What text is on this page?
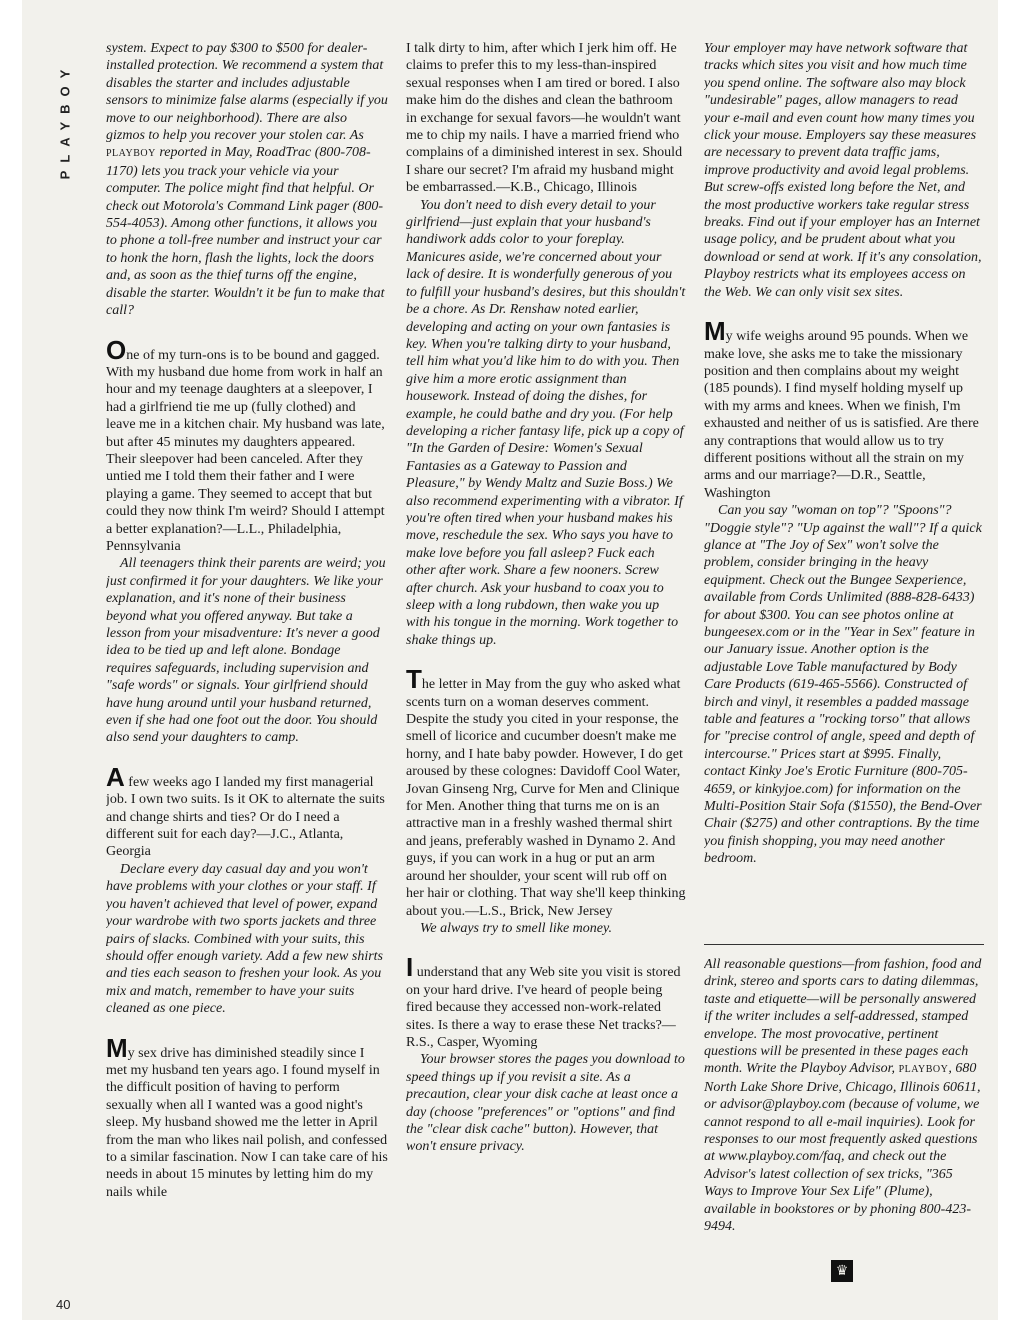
PLAYBOY

system. Expect to pay $300 to $500 for dealer-installed protection. We recommend a system that disables the starter and includes adjustable sensors to minimize false alarms (especially if you move to our neighborhood). There are also gizmos to help you recover your stolen car. As PLAYBOY reported in May, RoadTrac (800-708-1170) lets you track your vehicle via your computer. The police might find that helpful. Or check out Motorola's Command Link pager (800-554-4053). Among other functions, it allows you to phone a toll-free number and instruct your car to honk the horn, flash the lights, lock the doors and, as soon as the thief turns off the engine, disable the starter. Wouldn't it be fun to make that call?

One of my turn-ons is to be bound and gagged. With my husband due home from work in half an hour and my teenage daughters at a sleepover, I had a girlfriend tie me up (fully clothed) and leave me in a kitchen chair. My husband was late, but after 45 minutes my daughters appeared. Their sleepover had been canceled. After they untied me I told them their father and I were playing a game. They seemed to accept that but could they now think I'm weird? Should I attempt a better explanation?—L.L., Philadelphia, Pennsylvania

All teenagers think their parents are weird; you just confirmed it for your daughters. We like your explanation, and it's none of their business beyond what you offered anyway. But take a lesson from your misadventure: It's never a good idea to be tied up and left alone. Bondage requires safeguards, including supervision and "safe words" or signals. Your girlfriend should have hung around until your husband returned, even if she had one foot out the door. You should also send your daughters to camp.

A few weeks ago I landed my first managerial job. I own two suits. Is it OK to alternate the suits and change shirts and ties? Or do I need a different suit for each day?—J.C., Atlanta, Georgia

Declare every day casual day and you won't have problems with your clothes or your staff. If you haven't achieved that level of power, expand your wardrobe with two sports jackets and three pairs of slacks. Combined with your suits, this should offer enough variety. Add a few new shirts and ties each season to freshen your look. As you mix and match, remember to have your suits cleaned as one piece.

My sex drive has diminished steadily since I met my husband ten years ago. I found myself in the difficult position of having to perform sexually when all I wanted was a good night's sleep. My husband showed me the letter in April from the man who likes nail polish, and confessed to a similar fascination. Now I can take care of his needs in about 15 minutes by letting him do my nails while

I talk dirty to him, after which I jerk him off. He claims to prefer this to my less-than-inspired sexual responses when I am tired or bored. I also make him do the dishes and clean the bathroom in exchange for sexual favors—he wouldn't want me to chip my nails. I have a married friend who complains of a diminished interest in sex. Should I share our secret? I'm afraid my husband might be embarrassed.—K.B., Chicago, Illinois

You don't need to dish every detail to your girlfriend—just explain that your husband's handiwork adds color to your foreplay. Manicures aside, we're concerned about your lack of desire. It is wonderfully generous of you to fulfill your husband's desires, but this shouldn't be a chore. As Dr. Renshaw noted earlier, developing and acting on your own fantasies is key. When you're talking dirty to your husband, tell him what you'd like him to do with you. Then give him a more erotic assignment than housework. Instead of doing the dishes, for example, he could bathe and dry you. (For help developing a richer fantasy life, pick up a copy of "In the Garden of Desire: Women's Sexual Fantasies as a Gateway to Passion and Pleasure," by Wendy Maltz and Suzie Boss.) We also recommend experimenting with a vibrator. If you're often tired when your husband makes his move, reschedule the sex. Who says you have to make love before you fall asleep? Fuck each other after work. Share a few nooners. Screw after church. Ask your husband to coax you to sleep with a long rubdown, then wake you up with his tongue in the morning. Work together to shake things up.

The letter in May from the guy who asked what scents turn on a woman deserves comment. Despite the study you cited in your response, the smell of licorice and cucumber doesn't make me horny, and I hate baby powder. However, I do get aroused by these colognes: Davidoff Cool Water, Jovan Ginseng Nrg, Curve for Men and Clinique for Men. Another thing that turns me on is an attractive man in a freshly washed thermal shirt and jeans, preferably washed in Dynamo 2. And guys, if you can work in a hug or put an arm around her shoulder, your scent will rub off on her hair or clothing. That way she'll keep thinking about you.—L.S., Brick, New Jersey

We always try to smell like money.

I understand that any Web site you visit is stored on your hard drive. I've heard of people being fired because they accessed non-work-related sites. Is there a way to erase these Net tracks?—R.S., Casper, Wyoming

Your browser stores the pages you download to speed things up if you revisit a site. As a precaution, clear your disk cache at least once a day (choose "preferences" or "options" and find the "clear disk cache" button). However, that won't ensure privacy.

Your employer may have network software that tracks which sites you visit and how much time you spend online. The software also may block "undesirable" pages, allow managers to read your e-mail and even count how many times you click your mouse. Employers say these measures are necessary to prevent data traffic jams, improve productivity and avoid legal problems. But screw-offs existed long before the Net, and the most productive workers take regular stress breaks. Find out if your employer has an Internet usage policy, and be prudent about what you download or send at work. If it's any consolation, Playboy restricts what its employees access on the Web. We can only visit sex sites.

My wife weighs around 95 pounds. When we make love, she asks me to take the missionary position and then complains about my weight (185 pounds). I find myself holding myself up with my arms and knees. When we finish, I'm exhausted and neither of us is satisfied. Are there any contraptions that would allow us to try different positions without all the strain on my arms and our marriage?—D.R., Seattle, Washington

Can you say "woman on top"? "Spoons"? "Doggie style"? "Up against the wall"? If a quick glance at "The Joy of Sex" won't solve the problem, consider bringing in the heavy equipment. Check out the Bungee Sexperience, available from Cords Unlimited (888-828-6433) for about $300. You can see photos online at bungeesex.com or in the "Year in Sex" feature in our January issue. Another option is the adjustable Love Table manufactured by Body Care Products (619-465-5566). Constructed of birch and vinyl, it resembles a padded massage table and features a "rocking torso" that allows for "precise control of angle, speed and depth of intercourse." Prices start at $995. Finally, contact Kinky Joe's Erotic Furniture (800-705-4659, or kinkyjoe.com) for information on the Multi-Position Stair Sofa ($1550), the Bend-Over Chair ($275) and other contraptions. By the time you finish shopping, you may need another bedroom.

All reasonable questions—from fashion, food and drink, stereo and sports cars to dating dilemmas, taste and etiquette—will be personally answered if the writer includes a self-addressed, stamped envelope. The most provocative, pertinent questions will be presented in these pages each month. Write the Playboy Advisor, PLAYBOY, 680 North Lake Shore Drive, Chicago, Illinois 60611, or advisor@playboy.com (because of volume, we cannot respond to all e-mail inquiries). Look for responses to our most frequently asked questions at www.playboy.com/faq, and check out the Advisor's latest collection of sex tricks, "365 Ways to Improve Your Sex Life" (Plume), available in bookstores or by phoning 800-423-9494.

♛
40
